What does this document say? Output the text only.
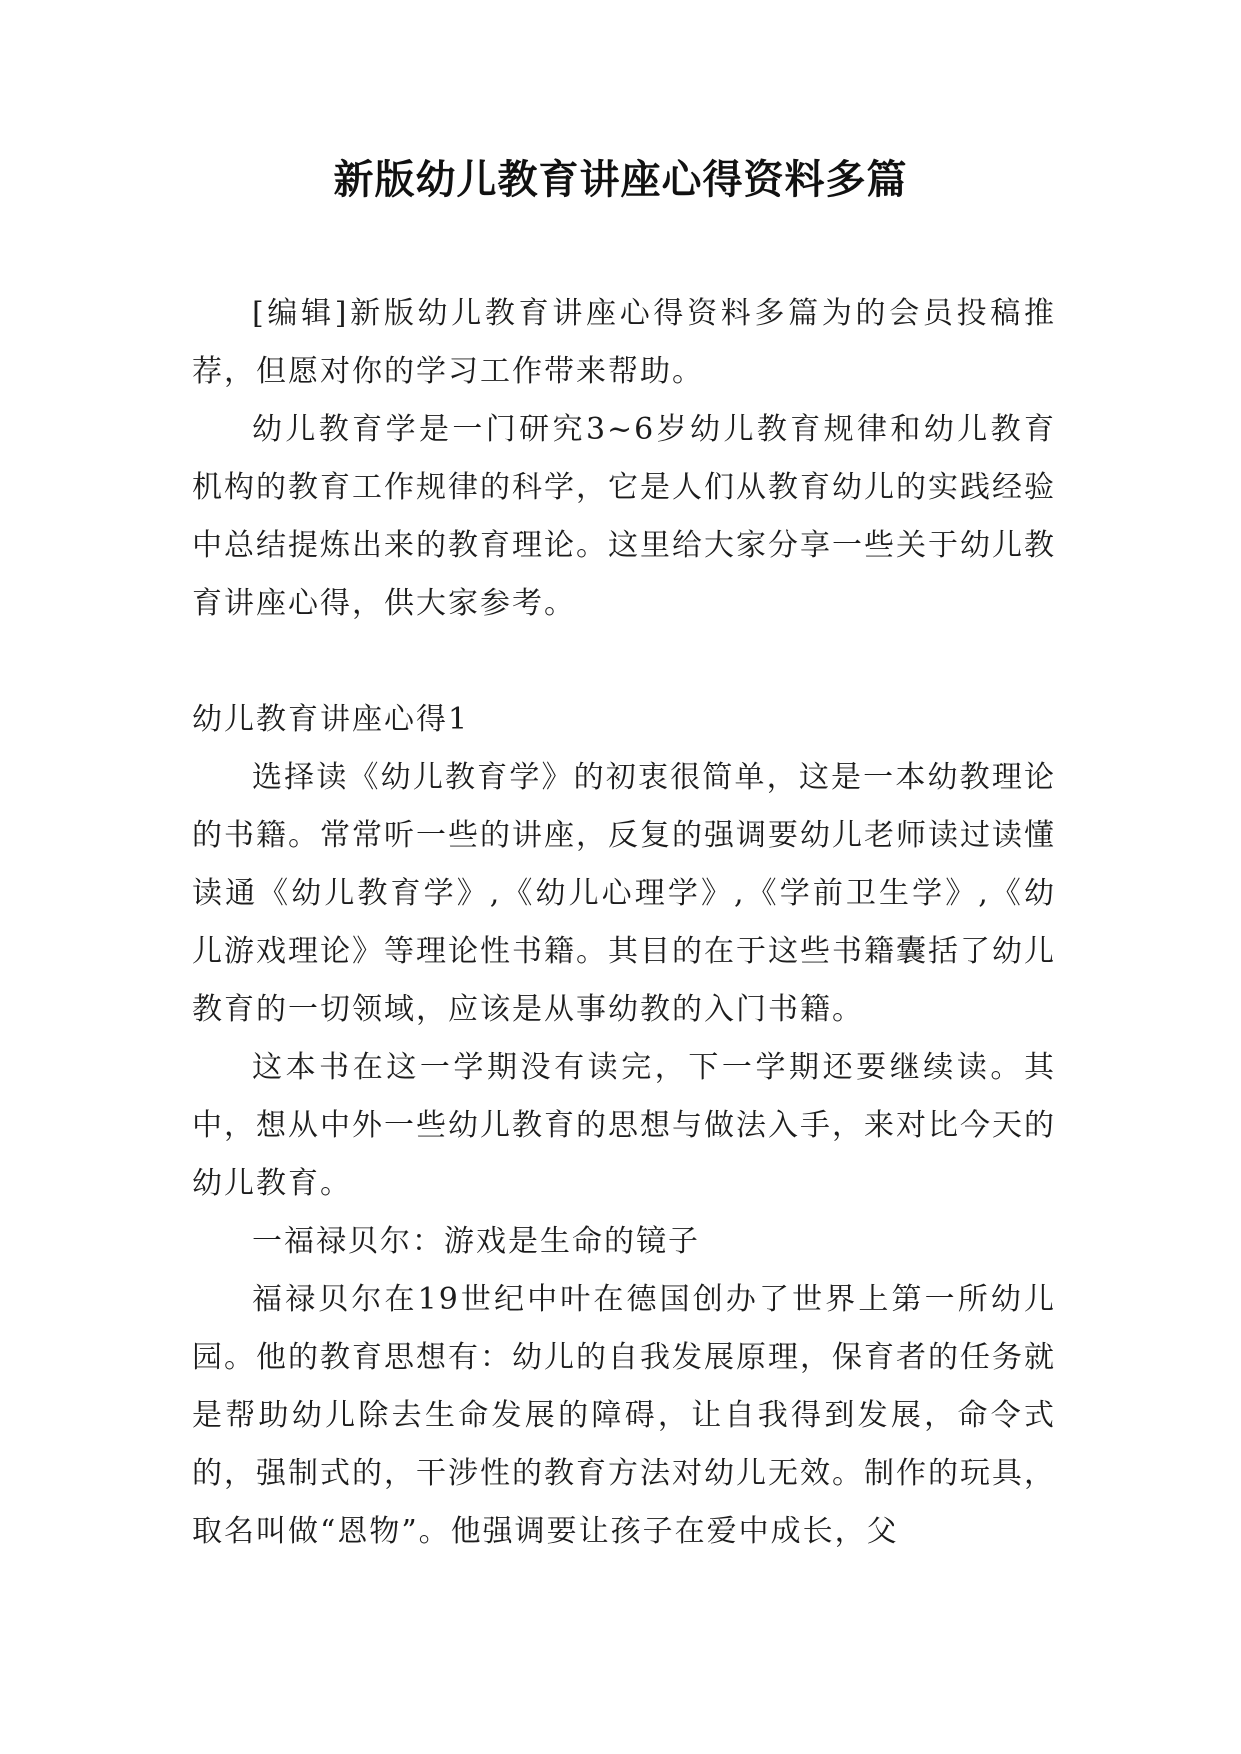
新版幼儿教育讲座心得资料多篇

[编辑]新版幼儿教育讲座心得资料多篇为的会员投稿推荐，但愿对你的学习工作带来帮助。

幼儿教育学是一门研究3~6岁幼儿教育规律和幼儿教育机构的教育工作规律的科学，它是人们从教育幼儿的实践经验中总结提炼出来的教育理论。这里给大家分享一些关于幼儿教育讲座心得，供大家参考。

幼儿教育讲座心得1

选择读《幼儿教育学》的初衷很简单，这是一本幼教理论的书籍。常常听一些的讲座，反复的强调要幼儿老师读过读懂读通《幼儿教育学》,《幼儿心理学》,《学前卫生学》,《幼儿游戏理论》等理论性书籍。其目的在于这些书籍囊括了幼儿教育的一切领域，应该是从事幼教的入门书籍。

这本书在这一学期没有读完，下一学期还要继续读。其中，想从中外一些幼儿教育的思想与做法入手，来对比今天的幼儿教育。

一福禄贝尔：游戏是生命的镜子

福禄贝尔在19世纪中叶在德国创办了世界上第一所幼儿园。他的教育思想有：幼儿的自我发展原理，保育者的任务就是帮助幼儿除去生命发展的障碍，让自我得到发展，命令式的，强制式的，干涉性的教育方法对幼儿无效。制作的玩具，取名叫做“恩物”。他强调要让孩子在爱中成长，父
